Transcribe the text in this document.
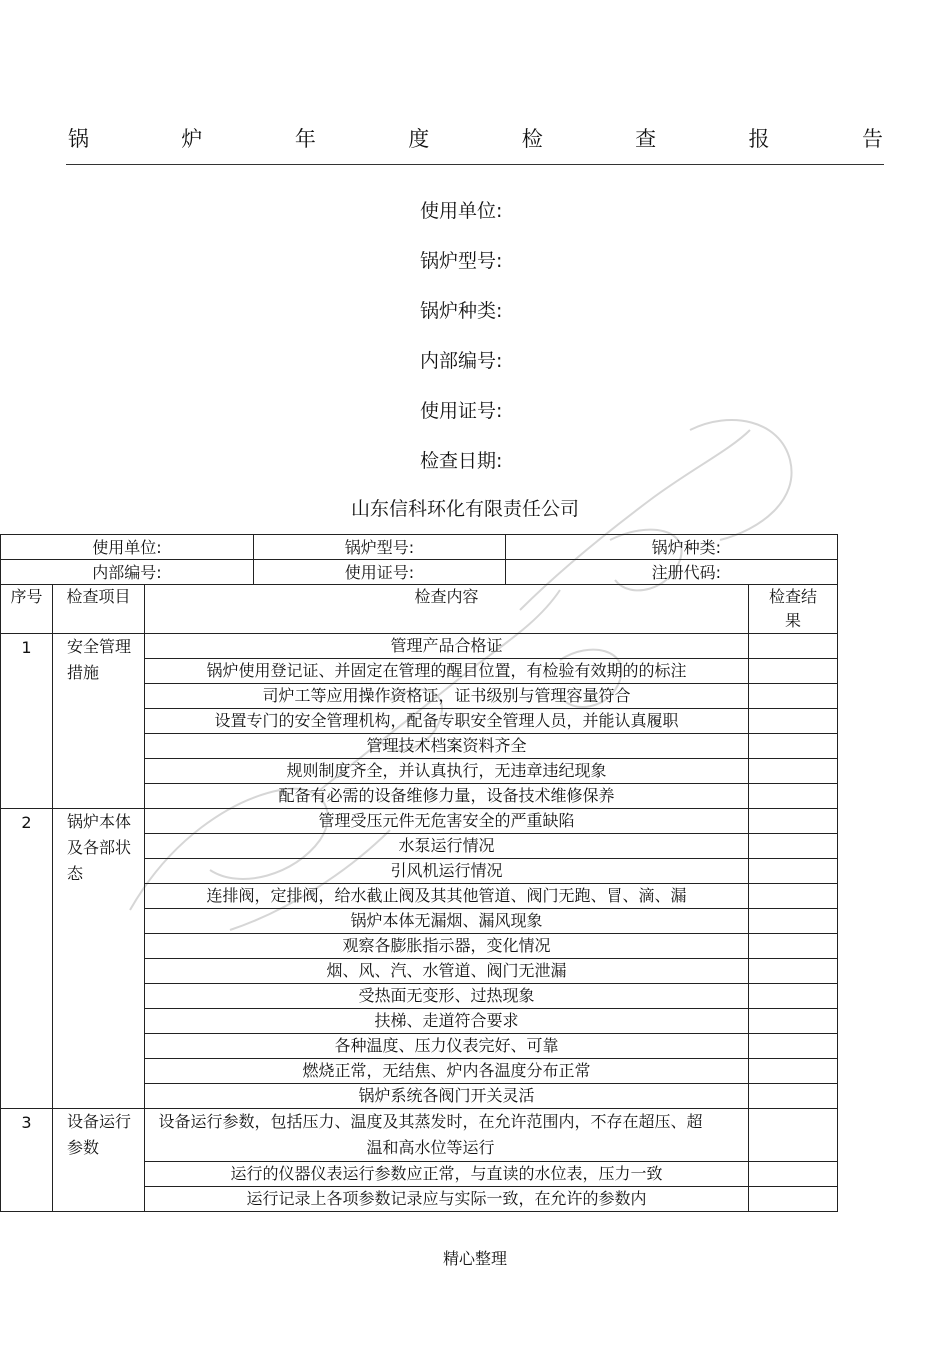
锅	炉	年	度	检	查	报	告
使用单位:
锅炉型号:
锅炉种类:
内部编号:
使用证号:
检查日期:
山东信科环化有限责任公司
使用单位:			锅炉型号:	锅炉种类:	
内部编号:			使用证号:	注册代码:	
序号	检查项目	检查内容			检查结果
1	安全管理措施	管理产品合格证			
		锅炉使用登记证、并固定在管理的醒目位置，有检验有效期的的标注			
		司炉工等应用操作资格证，证书级别与管理容量符合			
		设置专门的安全管理机构，配备专职安全管理人员，并能认真履职			
		管理技术档案资料齐全			
		规则制度齐全，并认真执行，无违章违纪现象			
		配备有必需的设备维修力量，设备技术维修保养			
2	锅炉本体及各部状态	管理受压元件无危害安全的严重缺陷			
		水泵运行情况			
		引风机运行情况			
		连排阀，定排阀，给水截止阀及其其他管道、阀门无跑、冒、滴、漏			
		锅炉本体无漏烟、漏风现象			
		观察各膨胀指示器，变化情况			
		烟、风、汽、水管道、阀门无泄漏			
		受热面无变形、过热现象			
		扶梯、走道符合要求			
		各种温度、压力仪表完好、可靠			
		燃烧正常，无结焦、炉内各温度分布正常			
		锅炉系统各阀门开关灵活			
3	设备运行参数	设备运行参数，包括压力、温度及其蒸发时，在允许范围内，不存在超压、超温和高水位等运行			
		运行的仪器仪表运行参数应正常，与直读的水位表，压力一致			
		运行记录上各项参数记录应与实际一致，在允许的参数内			
精心整理
